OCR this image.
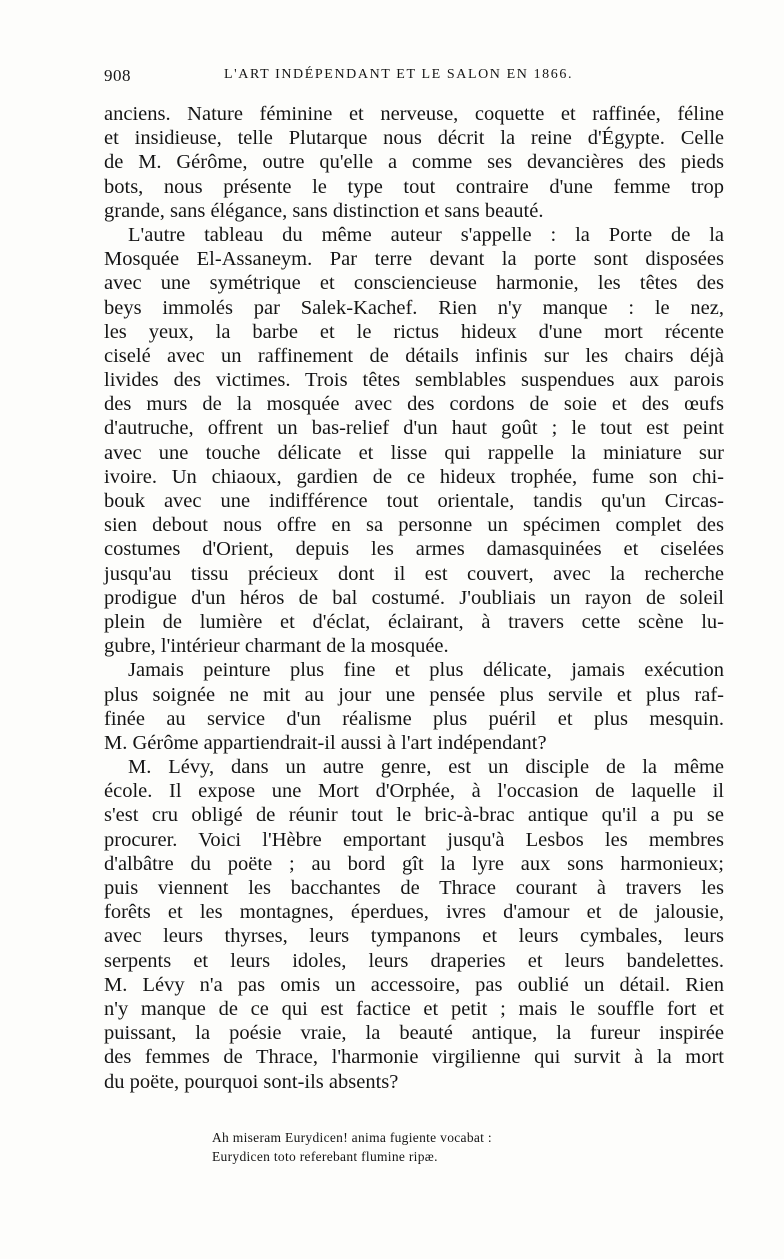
908	L'ART INDÉPENDANT ET LE SALON EN 1866.
anciens. Nature féminine et nerveuse, coquette et raffinée, féline
et insidieuse, telle Plutarque nous décrit la reine d'Égypte. Celle
de M. Gérôme, outre qu'elle a comme ses devancières des pieds
bots, nous présente le type tout contraire d'une femme trop
grande, sans élégance, sans distinction et sans beauté.
L'autre tableau du même auteur s'appelle : la Porte de la
Mosquée El-Assaneym. Par terre devant la porte sont disposées
avec une symétrique et consciencieuse harmonie, les têtes des
beys immolés par Salek-Kachef. Rien n'y manque : le nez,
les yeux, la barbe et le rictus hideux d'une mort récente
ciselé avec un raffinement de détails infinis sur les chairs déjà
livides des victimes. Trois têtes semblables suspendues aux parois
des murs de la mosquée avec des cordons de soie et des œufs
d'autruche, offrent un bas-relief d'un haut goût ; le tout est peint
avec une touche délicate et lisse qui rappelle la miniature sur
ivoire. Un chiaoux, gardien de ce hideux trophée, fume son chi-
bouk avec une indifférence tout orientale, tandis qu'un Circas-
sien debout nous offre en sa personne un spécimen complet des
costumes d'Orient, depuis les armes damasquinées et ciselées
jusqu'au tissu précieux dont il est couvert, avec la recherche
prodigue d'un héros de bal costumé. J'oubliais un rayon de soleil
plein de lumière et d'éclat, éclairant, à travers cette scène lu-
gubre, l'intérieur charmant de la mosquée.
Jamais peinture plus fine et plus délicate, jamais exécution
plus soignée ne mit au jour une pensée plus servile et plus raf-
finée au service d'un réalisme plus puéril et plus mesquin.
M. Gérôme appartiendrait-il aussi à l'art indépendant?
M. Lévy, dans un autre genre, est un disciple de la même
école. Il expose une Mort d'Orphée, à l'occasion de laquelle il
s'est cru obligé de réunir tout le bric-à-brac antique qu'il a pu se
procurer. Voici l'Hèbre emportant jusqu'à Lesbos les membres
d'albâtre du poëte ; au bord gît la lyre aux sons harmonieux;
puis viennent les bacchantes de Thrace courant à travers les
forêts et les montagnes, éperdues, ivres d'amour et de jalousie,
avec leurs thyrses, leurs tympanons et leurs cymbales, leurs
serpents et leurs idoles, leurs draperies et leurs bandelettes.
M. Lévy n'a pas omis un accessoire, pas oublié un détail. Rien
n'y manque de ce qui est factice et petit ; mais le souffle fort et
puissant, la poésie vraie, la beauté antique, la fureur inspirée
des femmes de Thrace, l'harmonie virgilienne qui survit à la mort
du poëte, pourquoi sont-ils absents?
Ah miseram Eurydicen! anima fugiente vocabat :
Eurydicen toto referebant flumine ripæ.
